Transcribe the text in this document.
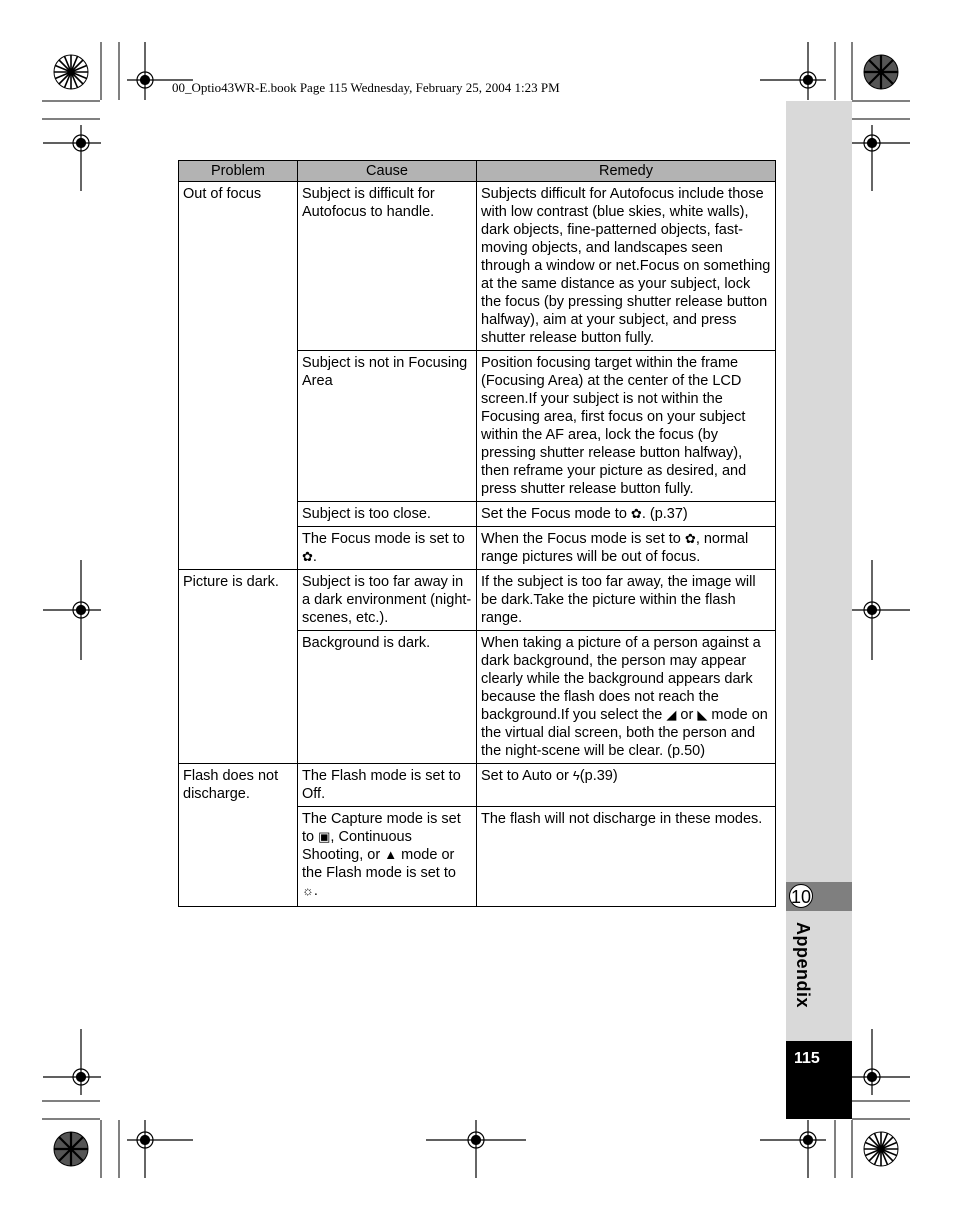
00_Optio43WR-E.book Page 115 Wednesday, February 25, 2004 1:23 PM
10
Appendix
115
Problem	Cause	Remedy
Out of focus	Subject is difficult for Autofocus to handle.	Subjects difficult for Autofocus include those with low contrast (blue skies, white walls), dark objects, fine-patterned objects, fast-moving objects, and landscapes seen through a window or net.Focus on something at the same distance as your subject, lock the focus (by pressing shutter release button halfway), aim at your subject, and press shutter release button fully.
	Subject is not in Focusing Area	Position focusing target within the frame (Focusing Area) at the center of the LCD screen.If your subject is not within the Focusing area, first focus on your subject within the AF area, lock the focus (by pressing shutter release button halfway), then reframe your picture as desired, and press shutter release button fully.
	Subject is too close.	Set the Focus mode to ✿. (p.37)
	The Focus mode is set to ✿.	When the Focus mode is set to ✿, normal range pictures will be out of focus.
Picture is dark.	Subject is too far away in a dark environment (night-scenes, etc.).	If the subject is too far away, the image will be dark.Take the picture within the flash range.
	Background is dark.	When taking a picture of a person against a dark background, the person may appear clearly while the background appears dark because the flash does not reach the background.If you select the ◢ or ◣ mode on the virtual dial screen, both the person and the night-scene will be clear. (p.50)
Flash does not discharge.	The Flash mode is set to Off.	Set to Auto or ϟ(p.39)
	The Capture mode is set to ▣, Continuous Shooting, or ▲ mode or the Flash mode is set to ☼.	The flash will not discharge in these modes.
